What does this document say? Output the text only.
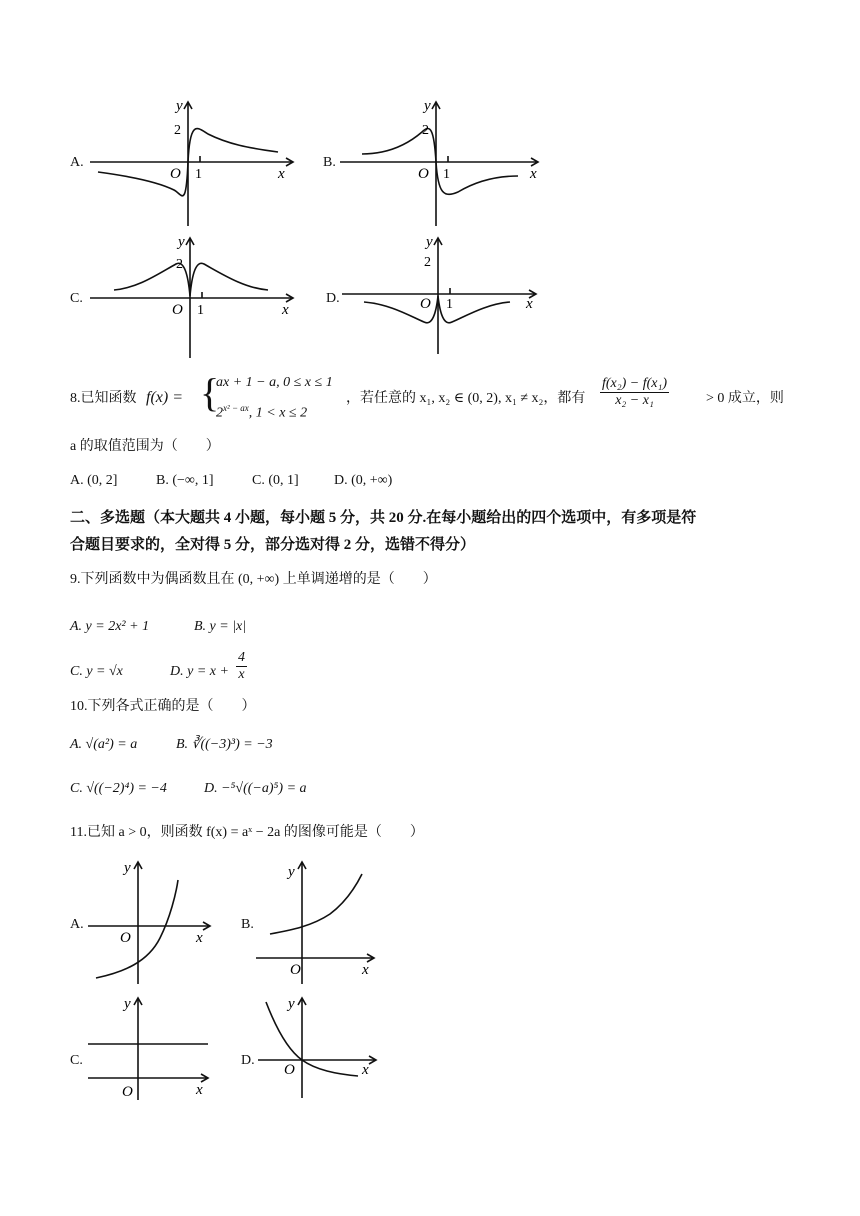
A.
y
2
O 1	x
B.
y
2
O 1	x
C.
y
2
O 1	x
D.
y
2
O 1	x
8.已知函数 f(x) = {
ax + 1 − a, 0 ≤ x ≤ 1
$2^{x^2 - ax}$, 1 < x ≤ 2
，若任意的 x₁, x₂ ∈ (0, 2), x₁ ≠ x₂，都有 $\frac{\text{f(x₂) − f(x₁)}}{\text{x₂ − x₁}}$	> 0 成立，则
a 的取值范围为（　　）
A. (0, 2]	B. (−∞, 1]	C. (0, 1]	D. (0, +∞)
二、多选题（本大题共 4 小题，每小题 5 分，共 20 分.在每小题给出的四个选项中，有多项是符
合题目要求的，全对得 5 分，部分选对得 2 分，选错不得分）
9.下列函数中为偶函数且在 (0, +∞) 上单调递增的是（　　）
A. y = 2x² + 1	B. y = |x|
C. y = √x	D. $y = x + \frac{4}{x}$
10.下列各式正确的是（　　）
A. √(a²) = a	B. ∛((−3)³) = −3
C. √((−2)⁴) = −4	D. −⁵√((−a)⁵) = a
11.已知 a > 0，则函数 f(x) = aˣ − 2a 的图像可能是（　　）
A.
y
O	x
B.
y
O	x
C.
y
O	x
D.
y
O	x
